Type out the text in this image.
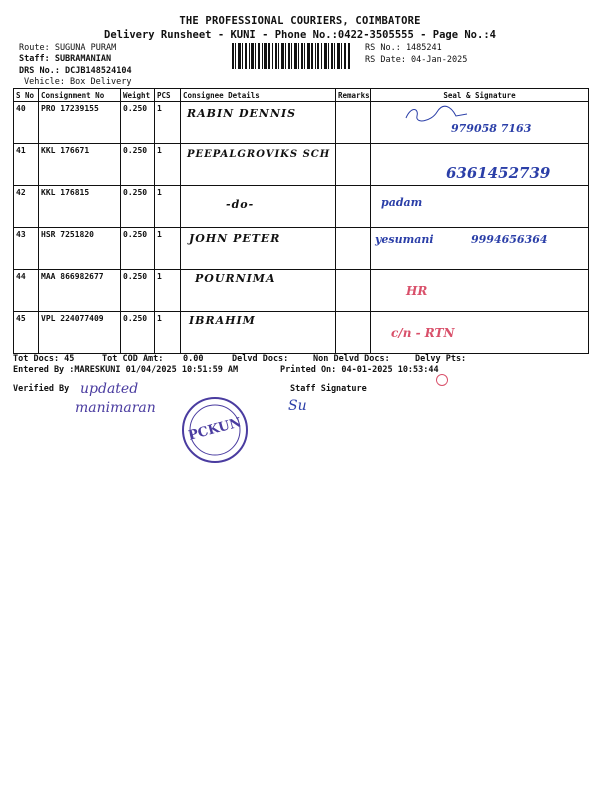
THE PROFESSIONAL COURIERS, COIMBATORE
Delivery Runsheet - KUNI - Phone No.:0422-3505555 - Page No.:4
Route: SUGUNA PURAM
Staff: SUBRAMANIAN
DRS No.: DCJB148524104
Vehicle: Box Delivery
RS No.: 1485241
RS Date: 04-Jan-2025
S No	Consignment No	Weight	PCS	Consignee Details	Remarks	Seal & Signature
40	PRO 17239155	0.250	1	RABIN DENNIS		979058 7163

41	KKL 176671	0.250	1	PEEPALGROVIKS SCH		6361452739

42	KKL 176815	0.250	1	-do-		padam

43	HSR 7251820	0.250	1	JOHN PETER		yesumani 9994656364

44	MAA 866982677	0.250	1	POURNIMA		HR

45	VPL 224077409	0.250	1	IBRAHIM		c/n - RTN
Tot Docs: 45	Tot COD Amt: 0.00	Delvd Docs:	Non Delvd Docs:	Delvy Pts:
Entered By :MARESKUNI 01/04/2025 10:51:59 AM	Printed On: 04-01-2025 10:53:44
Verified By updated
manimaran
Staff Signature
Su
PCKUN
